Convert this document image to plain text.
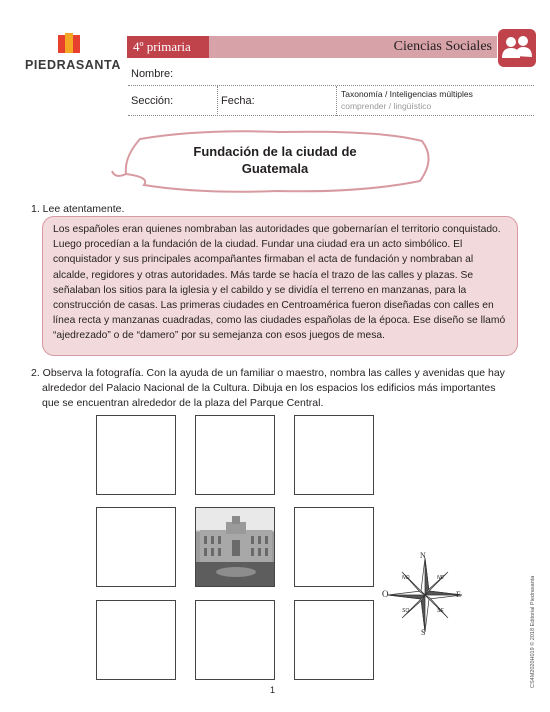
PIEDRASANTA
4º primaria	Ciencias Sociales
Nombre:
Sección:	Fecha:
Taxonomía / Inteligencias múltiples
comprender / lingüístico
Fundación de la ciudad de
Guatemala
1. Lee atentamente.

Los españoles eran quienes nombraban las autoridades que gobernarían el territorio conquistado. Luego procedían a la fundación de la ciudad. Fundar una ciudad era un acto simbólico. El conquistador y sus principales acompañantes firmaban el acta de fundación y nombraban al alcalde, regidores y otras autoridades. Más tarde se hacía el trazo de las calles y plazas. Se señalaban los sitios para la iglesia y el cabildo y se dividía el terreno en manzanas, para la construcción de casas. Las primeras ciudades en Centroamérica fueron diseñadas con calles en línea recta y manzanas cuadradas, como las ciudades españolas de la época. Ese diseño se llamó “ajedrezado” o de “damero” por su semejanza con esos juegos de mesa.

2. Observa la fotografía. Con la ayuda de un familiar o maestro, nombra las calles y avenidas que hay
alrededor del Palacio Nacional de la Cultura. Dibuja en los espacios los edificios más importantes
que se encuentran alrededor de la plaza del Parque Central.
N
S
E
O
NE
NO
SE
SO
1
CS4M2020H019 © 2018 Editorial Piedrasanta
